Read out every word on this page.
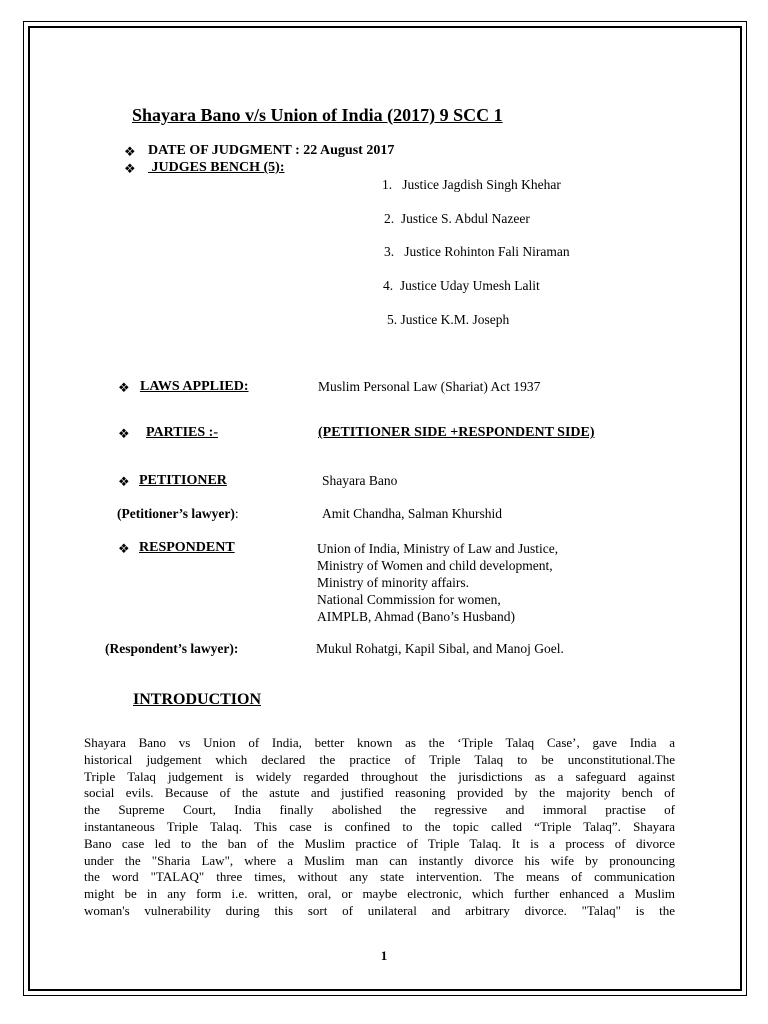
Shayara Bano v/s Union of India (2017) 9 SCC 1
❖ DATE OF JUDGMENT : 22 August 2017
❖ JUDGES BENCH (5):
1.   Justice Jagdish Singh Khehar
2.  Justice S. Abdul Nazeer
3.   Justice Rohinton Fali Niraman
4.  Justice Uday Umesh Lalit
5. Justice K.M. Joseph
❖ LAWS APPLIED:	Muslim Personal Law (Shariat) Act 1937
❖ PARTIES :-	(PETITIONER SIDE +RESPONDENT SIDE)
❖ PETITIONER	Shayara Bano
(Petitioner’s lawyer):	Amit Chandha, Salman Khurshid
❖ RESPONDENT	Union of India, Ministry of Law and Justice,
Ministry of Women and child development,
Ministry of minority affairs.
National Commission for women,
AIMPLB, Ahmad (Bano’s Husband)
(Respondent’s lawyer):	Mukul Rohatgi, Kapil Sibal, and Manoj Goel.
INTRODUCTION
Shayara Bano vs Union of India, better known as the ‘Triple Talaq Case’, gave India a
historical judgement which declared the practice of Triple Talaq to be unconstitutional.The
Triple Talaq judgement is widely regarded throughout the jurisdictions as a safeguard against
social evils. Because of the astute and justified reasoning provided by the majority bench of
the Supreme Court, India finally abolished the regressive and immoral practise of
instantaneous Triple Talaq. This case is confined to the topic called “Triple Talaq”. Shayara
Bano case led to the ban of the Muslim practice of Triple Talaq. It is a process of divorce
under the "Sharia Law", where a Muslim man can instantly divorce his wife by pronouncing
the word "TALAQ" three times, without any state intervention. The means of communication
might be in any form i.e. written, oral, or maybe electronic, which further enhanced a Muslim
woman's vulnerability during this sort of unilateral and arbitrary divorce. "Talaq" is the
1
